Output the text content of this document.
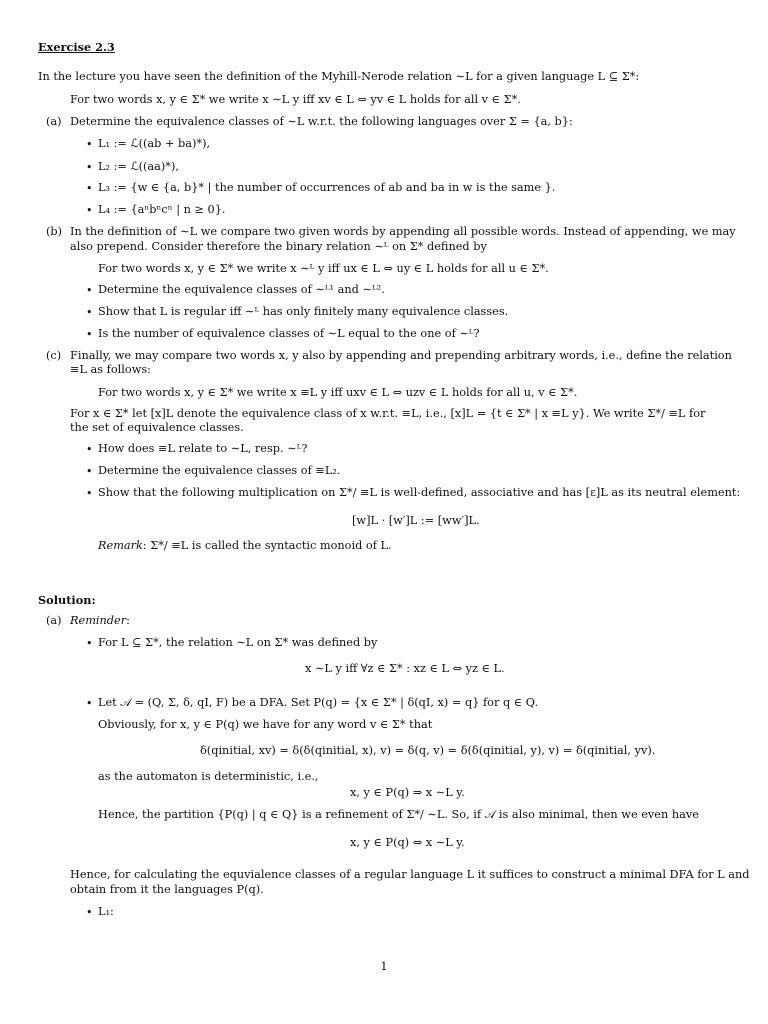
Exercise 2.3
In the lecture you have seen the definition of the Myhill-Nerode relation ∼L for a given language L ⊆ Σ*:
For two words x, y ∈ Σ* we write x ∼L y iff xv ∈ L ⇔ yv ∈ L holds for all v ∈ Σ*.
(a) Determine the equivalence classes of ∼L w.r.t. the following languages over Σ = {a, b}:
• L₁ := ℒ((ab + ba)*),
• L₂ := ℒ((aa)*),
• L₃ := {w ∈ {a, b}* | the number of occurrences of ab and ba in w is the same }.
• L₄ := {aⁿbⁿcⁿ | n ≥ 0}.
(b) In the definition of ∼L we compare two given words by appending all possible words. Instead of appending, we may
also prepend. Consider therefore the binary relation ∼ᴸ on Σ* defined by
For two words x, y ∈ Σ* we write x ∼ᴸ y iff ux ∈ L ⇔ uy ∈ L holds for all u ∈ Σ*.
• Determine the equivalence classes of ∼ᴸ¹ and ∼ᴸ².
• Show that L is regular iff ∼ᴸ has only finitely many equivalence classes.
• Is the number of equivalence classes of ∼L equal to the one of ∼ᴸ?
(c) Finally, we may compare two words x, y also by appending and prepending arbitrary words, i.e., define the relation
≡L as follows:
For two words x, y ∈ Σ* we write x ≡L y iff uxv ∈ L ⇔ uzv ∈ L holds for all u, v ∈ Σ*.
For x ∈ Σ* let [x]L denote the equivalence class of x w.r.t. ≡L, i.e., [x]L = {t ∈ Σ* | x ≡L y}. We write Σ*/ ≡L for
the set of equivalence classes.
• How does ≡L relate to ∼L, resp. ∼ᴸ?
• Determine the equivalence classes of ≡L₂.
• Show that the following multiplication on Σ*/ ≡L is well-defined, associative and has [ε]L as its neutral element:
[w]L · [w′]L := [ww′]L.
Remark: Σ*/ ≡L is called the syntactic monoid of L.
Solution:
(a) Reminder:
• For L ⊆ Σ*, the relation ∼L on Σ* was defined by
x ∼L y iff ∀z ∈ Σ* : xz ∈ L ⇔ yz ∈ L.
• Let 𝒜 = (Q, Σ, δ, qI, F) be a DFA. Set P(q) = {x ∈ Σ* | δ(qI, x) = q} for q ∈ Q.
Obviously, for x, y ∈ P(q) we have for any word v ∈ Σ* that
δ(qinitial, xv) = δ(δ(qinitial, x), v) = δ(q, v) = δ(δ(qinitial, y), v) = δ(qinitial, yv).
as the automaton is deterministic, i.e.,
x, y ∈ P(q) ⇒ x ∼L y.
Hence, the partition {P(q) | q ∈ Q} is a refinement of Σ*/ ∼L. So, if 𝒜 is also minimal, then we even have
x, y ∈ P(q) ⇔ x ∼L y.
Hence, for calculating the equvialence classes of a regular language L it suffices to construct a minimal DFA for L and
obtain from it the languages P(q).
• L₁:
1
